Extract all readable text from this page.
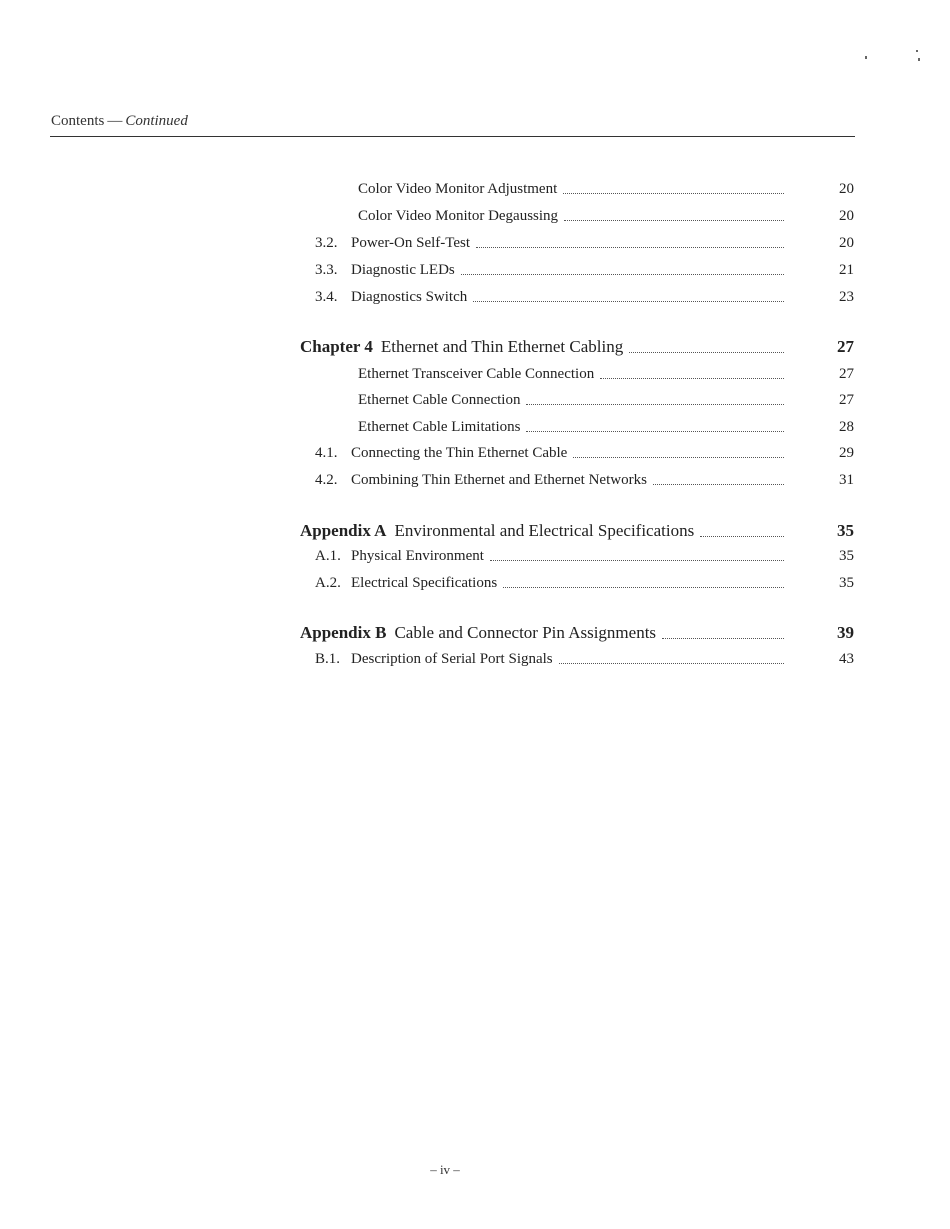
Contents — Continued
Color Video Monitor Adjustment	20
Color Video Monitor Degaussing	20
3.2. Power-On Self-Test	20
3.3. Diagnostic LEDs	21
3.4. Diagnostics Switch	23
Chapter 4 Ethernet and Thin Ethernet Cabling	27
Ethernet Transceiver Cable Connection	27
Ethernet Cable Connection	27
Ethernet Cable Limitations	28
4.1. Connecting the Thin Ethernet Cable	29
4.2. Combining Thin Ethernet and Ethernet Networks	31
Appendix A Environmental and Electrical Specifications	35
A.1. Physical Environment	35
A.2. Electrical Specifications	35
Appendix B Cable and Connector Pin Assignments	39
B.1. Description of Serial Port Signals	43
– iv –
